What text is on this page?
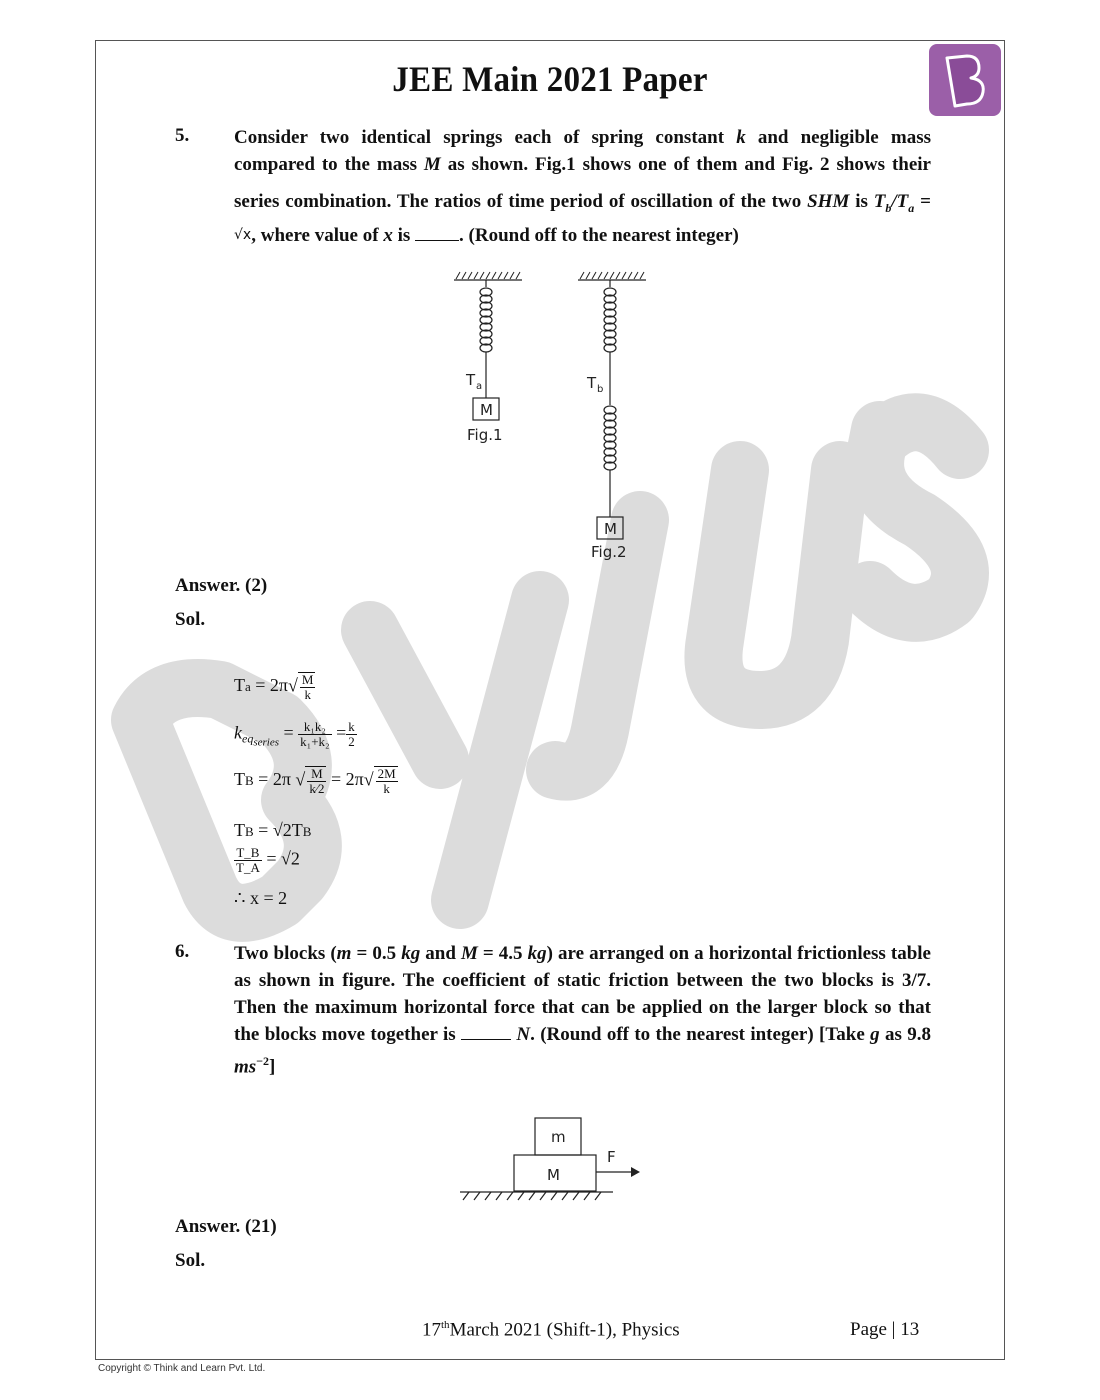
JEE Main 2021 Paper
5. Consider two identical springs each of spring constant k and negligible mass compared to the mass M as shown. Fig.1 shows one of them and Fig. 2 shows their series combination. The ratios of time period of oscillation of the two SHM is $T_b/T_a = ^{√x}$, where value of x is . (Round off to the nearest integer)
T a
M
Fig.1
T b
M
Fig.2
Answer. (2)
Sol.
$Ta = 2\pi√ \frac{M}{k}$
$k_{eqseries} = \frac{\text{k₁k₂}}{\text{k₁+k₂}} = \frac{k}{2}$
TB = 2π √ $\frac{M}{k⁄2} = 2\pi√ \frac{2M}{k}$
TB = √2TB
$\frac{T\_B}{T\_A} = √2$
∴ x = 2
6. Two blocks (m = 0.5 kg and M = 4.5 kg) are arranged on a horizontal frictionless table as shown in figure. The coefficient of static friction between the two blocks is 3/7. Then the maximum horizontal force that can be applied on the larger block so that the blocks move together is	N. (Round off to the nearest integer) [Take g as 9.8 $ms^{-2}$]
m
M
F
Answer. (21)
Sol.
17thMarch 2021 (Shift-1), Physics	Page | 13
Copyright © Think and Learn Pvt. Ltd.
